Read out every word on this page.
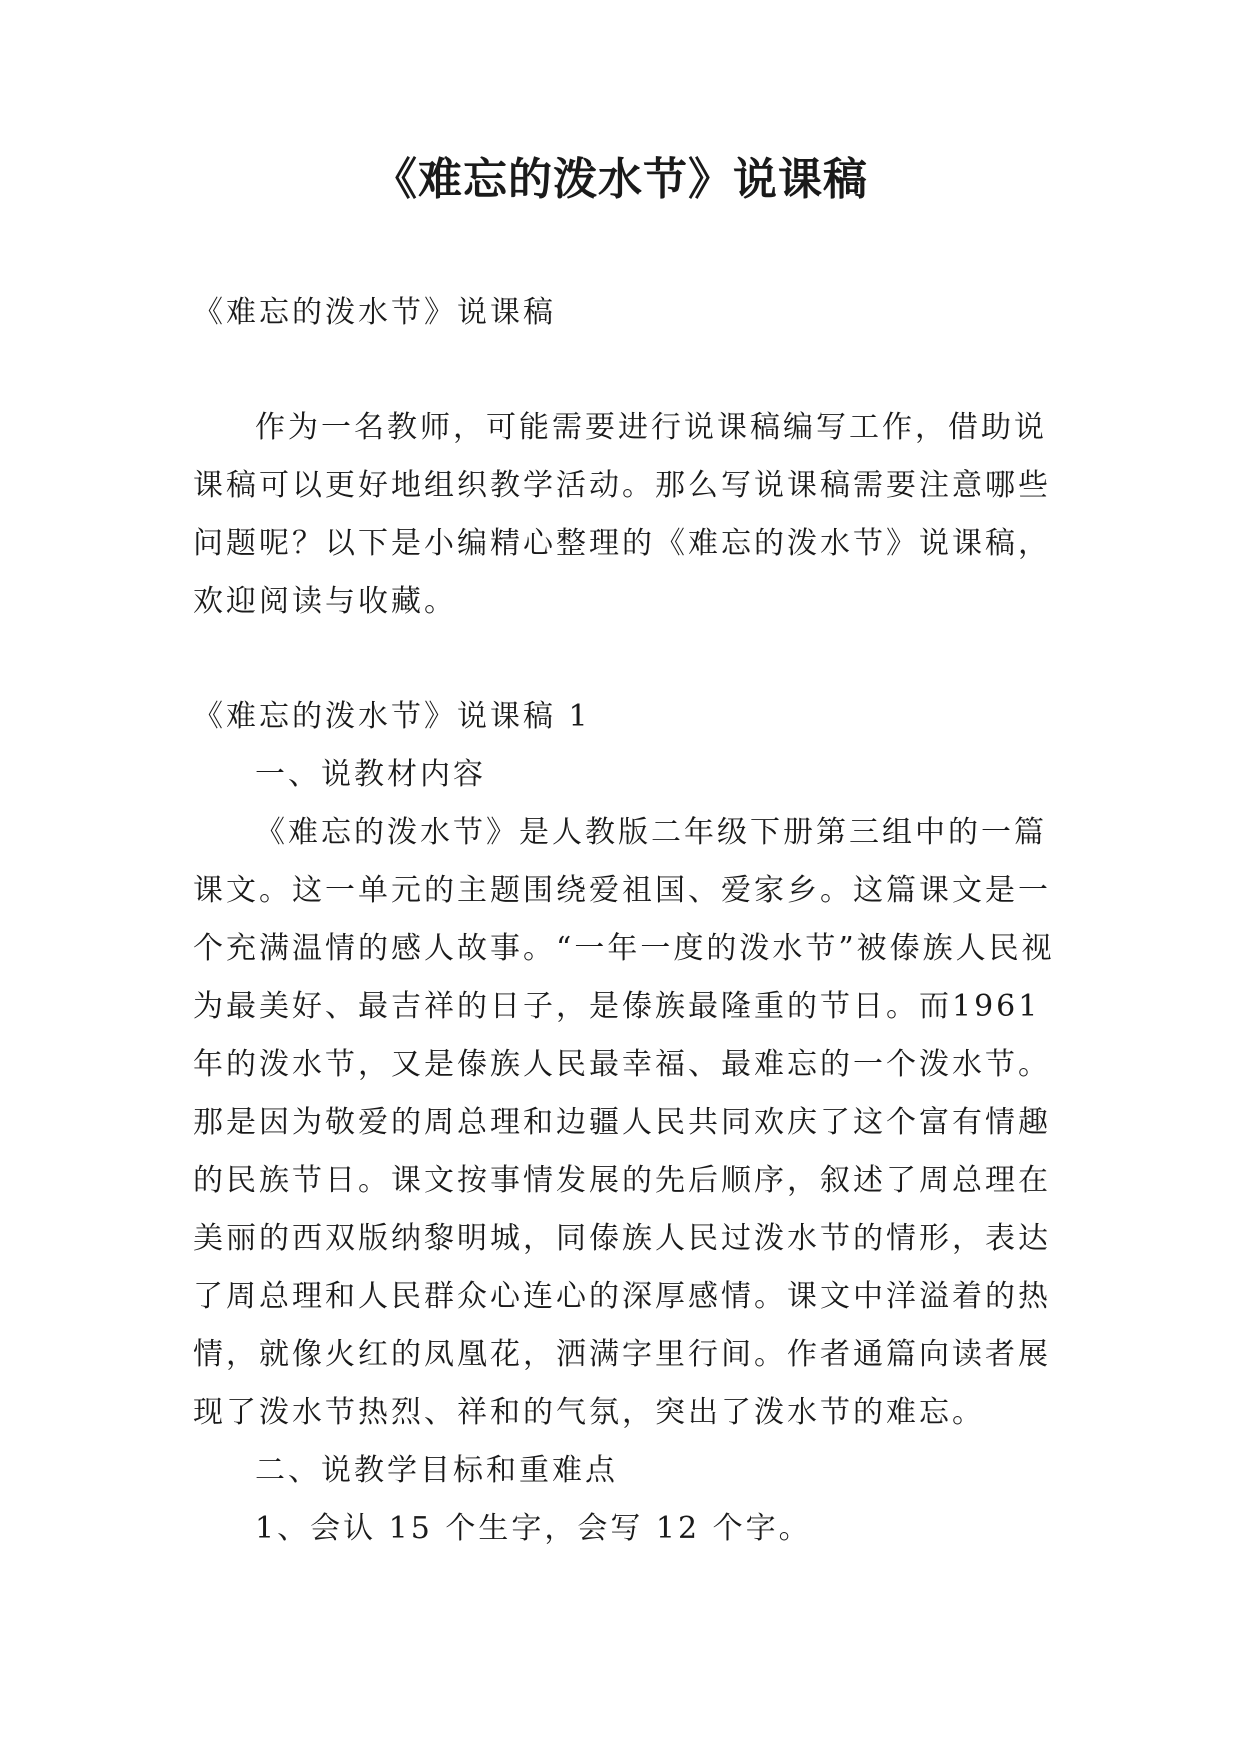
《难忘的泼水节》说课稿

《难忘的泼水节》说课稿

作为一名教师，可能需要进行说课稿编写工作，借助说课稿可以更好地组织教学活动。那么写说课稿需要注意哪些问题呢？以下是小编精心整理的《难忘的泼水节》说课稿，欢迎阅读与收藏。

《难忘的泼水节》说课稿 1

一、说教材内容

《难忘的泼水节》是人教版二年级下册第三组中的一篇课文。这一单元的主题围绕爱祖国、爱家乡。这篇课文是一个充满温情的感人故事。“一年一度的泼水节”被傣族人民视为最美好、最吉祥的日子，是傣族最隆重的节日。而1961年的泼水节，又是傣族人民最幸福、最难忘的一个泼水节。那是因为敬爱的周总理和边疆人民共同欢庆了这个富有情趣的民族节日。课文按事情发展的先后顺序，叙述了周总理在美丽的西双版纳黎明城，同傣族人民过泼水节的情形，表达了周总理和人民群众心连心的深厚感情。课文中洋溢着的热情，就像火红的凤凰花，洒满字里行间。作者通篇向读者展现了泼水节热烈、祥和的气氛，突出了泼水节的难忘。

二、说教学目标和重难点

1、会认 15 个生字，会写 12 个字。
